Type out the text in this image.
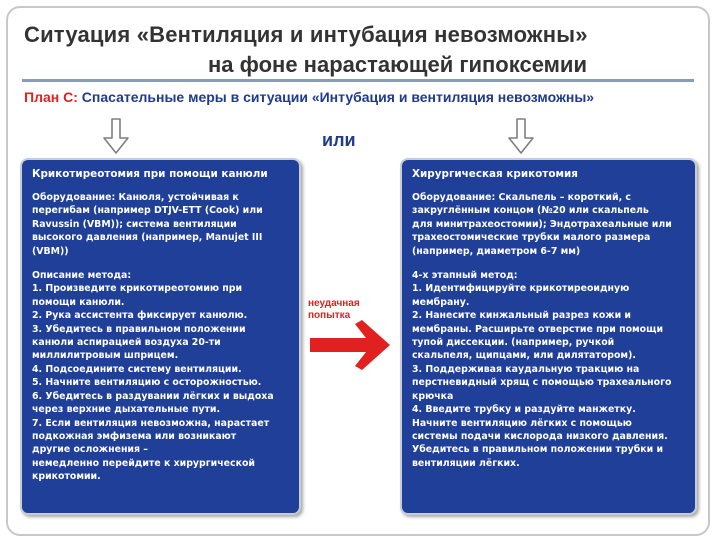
Ситуация «Вентиляция и интубация невозможны»
на фоне нарастающей гипоксемии
План С: Спасательные меры в ситуации «Интубация и вентиляция невозможны»
или
Крикотиреотомия при помощи канюли
Оборудование: Канюля, устойчивая к
перегибам (например DTJV-ETT (Cook) или
Ravussin (VBM)); система вентиляции
высокого давления (например, Manujet III
(VBM))
Описание метода:
1. Произведите крикотиреотомию при
помощи канюли.
2. Рука ассистента фиксирует канюлю.
3. Убедитесь в правильном положении
канюли аспирацией воздуха 20-ти
миллилитровым шприцем.
4. Подсоедините систему вентиляции.
5. Начните вентиляцию с осторожностью.
6. Убедитесь в раздувании лёгких и выдоха
через верхние дыхательные пути.
7. Если вентиляция невозможна, нарастает
подкожная эмфизема или возникают
другие осложнения –
немедленно перейдите к хирургической
крикотомии.
неудачная
попытка
Хирургическая крикотомия
Оборудование: Скальпель – короткий, с
закруглённым концом (№20 или скальпель
для минитрахеостомии); Эндотрахеальные или
трахеостомические трубки малого размера
(например, диаметром 6-7 мм)
4-х этапный метод:
1. Идентифицируйте крикотиреоидную
мембрану.
2. Нанесите кинжальный разрез кожи и
мембраны. Расширьте отверстие при помощи
тупой диссекции. (например, ручкой
скальпеля, щипцами, или дилятатором).
3. Поддерживая каудальную тракцию на
перстневидный хрящ с помощью трахеального
крючка
4. Введите трубку и раздуйте манжетку.
Начните вентиляцию лёгких с помощью
системы подачи кислорода низкого давления.
Убедитесь в правильном положении трубки и
вентиляции лёгких.
